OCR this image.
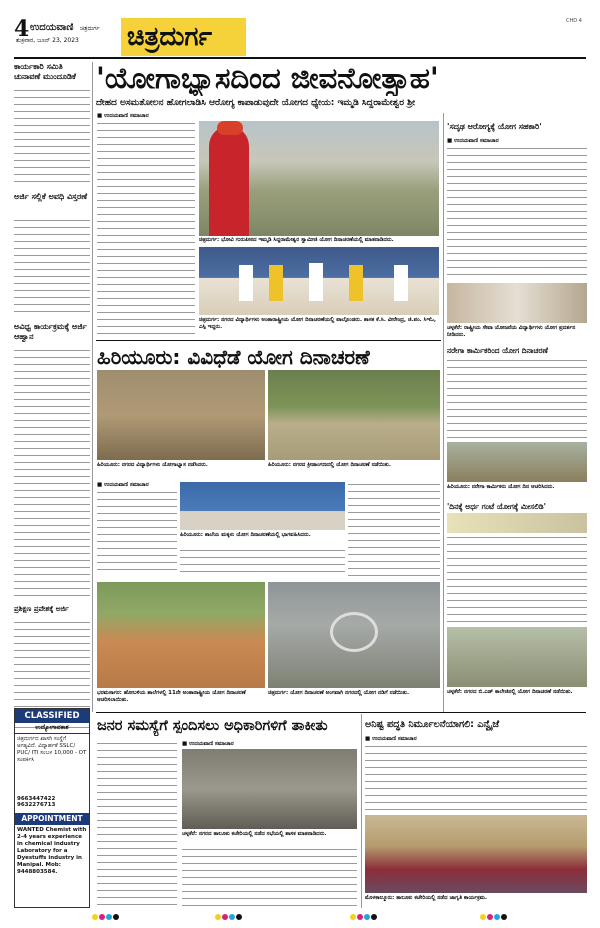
4	CHD 4
ಉದಯವಾಣಿ ಚಿತ್ರದುರ್ಗ
ಶುಕ್ರವಾರ, ಜೂನ್ 23, 2023 ಚಿತ್ರದುರ್ಗ
ಕಾರ್ಯಕಾರಿ ಸಮಿತಿ ಚುನಾವಣೆ ಮುಂದೂಡಿಕೆ
ಅರ್ಜಿ ಸಲ್ಲಿಕೆ ಅವಧಿ ವಿಸ್ತರಣೆ
ಅವಿಧ್ವ ಕಾರ್ಯಕ್ರಮಕ್ಕೆ ಅರ್ಜಿ ಆಹ್ವಾನ
ಪ್ರಶಿಕ್ಷಣ ಪ್ರವೇಶಕ್ಕೆ ಅರ್ಜಿ
'ಯೋಗಾಭ್ಯಾಸದಿಂದ ಜೀವನೋತ್ಸಾಹ'
ದೇಹದ ಅಸಮತೋಲನ ಹೋಗಲಾಡಿಸಿ ಆರೋಗ್ಯ ಕಾಪಾಡುವುದೇ ಯೋಗದ ಧ್ಯೇಯ: ಇಮ್ಮಡಿ ಸಿದ್ದರಾಮೇಶ್ವರ ಶ್ರೀ
■ ಉದಯವಾಣಿ ಸಮಾಚಾರ
ಚಿತ್ರದುರ್ಗ: ಭೋವಿ ಗುರುಪೀಠದ ಇಮ್ಮಡಿ ಸಿದ್ದರಾಮೇಶ್ವರ ಸ್ವಾಮೀಜಿ ಯೋಗ ದಿನಾಚರಣೆಯಲ್ಲಿ ಮಾತನಾಡಿದರು.
ಚಿತ್ರದುರ್ಗ: ನಗರದ ವಿದ್ಯಾರ್ಥಿಗಳು ಅಂತಾರಾಷ್ಟ್ರೀಯ ಯೋಗ ದಿನಾಚರಣೆಯಲ್ಲಿ ಪಾಲ್ಗೊಂಡರು. ಶಾಸಕ ಕೆ.ಸಿ. ವೀರೇಂದ್ರ, ಜಿ.ಪಂ. ಸಿಇಓ, ಎಸ್ಪಿ ಇದ್ದರು.
'ಸದೃಢ ಆರೋಗ್ಯಕ್ಕೆ ಯೋಗ ಸಹಕಾರಿ'
■ ಉದಯವಾಣಿ ಸಮಾಚಾರ
ಚಳ್ಳಕೆರೆ: ರಾಷ್ಟ್ರೀಯ ಸೇವಾ ಯೋಜನೆಯ ವಿದ್ಯಾರ್ಥಿಗಳು ಯೋಗ ಪ್ರದರ್ಶನ ನೀಡಿದರು.
ನರೇಗಾ ಕಾರ್ಮಿಕರಿಂದ ಯೋಗ ದಿನಾಚರಣೆ
ಹಿರಿಯೂರು: ನರೇಗಾ ಕಾರ್ಮಿಕರು ಯೋಗ ದಿನ ಆಚರಿಸಿದರು.
'ದಿನಕ್ಕೆ ಅರ್ಧ ಗಂಟೆ ಯೋಗಕ್ಕೆ ಮೀಸಲಿಡಿ'
ಚಳ್ಳಕೆರೆ: ನಗರದ ಬಿ.ಎಡ್ ಕಾಲೇಜಿನಲ್ಲಿ ಯೋಗ ದಿನಾಚರಣೆ ನಡೆಯಿತು.
ಹಿರಿಯೂರು: ವಿವಿಧೆಡೆ ಯೋಗ ದಿನಾಚರಣೆ
ಹಿರಿಯೂರು: ನಗರದ ವಿದ್ಯಾರ್ಥಿಗಳು ಯೋಗಾಭ್ಯಾಸ ನಡೆಸಿದರು.	ಹಿರಿಯೂರು: ನಗರದ ಕ್ರೀಡಾಂಗಣದಲ್ಲಿ ಯೋಗ ದಿನಾಚರಣೆ ನಡೆಯಿತು.
■ ಉದಯವಾಣಿ ಸಮಾಚಾರ
ಹಿರಿಯೂರು: ಶಾಲೆಯ ಮಕ್ಕಳು ಯೋಗ ದಿನಾಚರಣೆಯಲ್ಲಿ ಭಾಗವಹಿಸಿದರು.
ಭರಮಸಾಗರ: ಹೋಬಳಿಯ ಶಾಲೆಗಳಲ್ಲಿ 11ನೇ ಅಂತಾರಾಷ್ಟ್ರೀಯ ಯೋಗ ದಿನಾಚರಣೆ ಆಚರಿಸಲಾಯಿತು.
ಚಿತ್ರದುರ್ಗ: ಯೋಗ ದಿನಾಚರಣೆ ಅಂಗವಾಗಿ ನಗರದಲ್ಲಿ ಯೋಗ ನಡಿಗೆ ನಡೆಯಿತು.
CLASSIFIED
ಉದ್ಯೋಗಾವಕಾಶ
ಚಿತ್ರದುರ್ಗದ ಖಾಸಗಿ ಸಂಸ್ಥೆಗೆ ಅಗತ್ಯವಿದೆ. ವಿದ್ಯಾರ್ಹತೆ SSLC/ PUC/ ITI ಸಂಬಳ 10,000 - OT ಸಂಪರ್ಕಿಸಿ
9663447422
9632276713
APPOINTMENT
WANTED Chemist with 2-4 years experience in chemical industry Laboratory for a Dyestuffs industry in Manipal. Mob: 9448803584.
ಜನರ ಸಮಸ್ಯೆಗೆ ಸ್ಪಂದಿಸಲು ಅಧಿಕಾರಿಗಳಿಗೆ ತಾಕೀತು
■ ಉದಯವಾಣಿ ಸಮಾಚಾರ
ಚಳ್ಳಕೆರೆ: ನಗರದ ತಾಲೂಕು ಕಚೇರಿಯಲ್ಲಿ ನಡೆದ ಸಭೆಯಲ್ಲಿ ಶಾಸಕ ಮಾತನಾಡಿದರು.
ಅನಿಷ್ಟ ಪದ್ಧತಿ ನಿರ್ಮೂಲನೆಯಾಗಲಿ: ಎನ್ವೈಜೆ
■ ಉದಯವಾಣಿ ಸಮಾಚಾರ
ಮೊಳಕಾಲ್ಮೂರು: ತಾಲೂಕು ಕಚೇರಿಯಲ್ಲಿ ನಡೆದ ಜಾಗೃತಿ ಕಾರ್ಯಕ್ರಮ.
